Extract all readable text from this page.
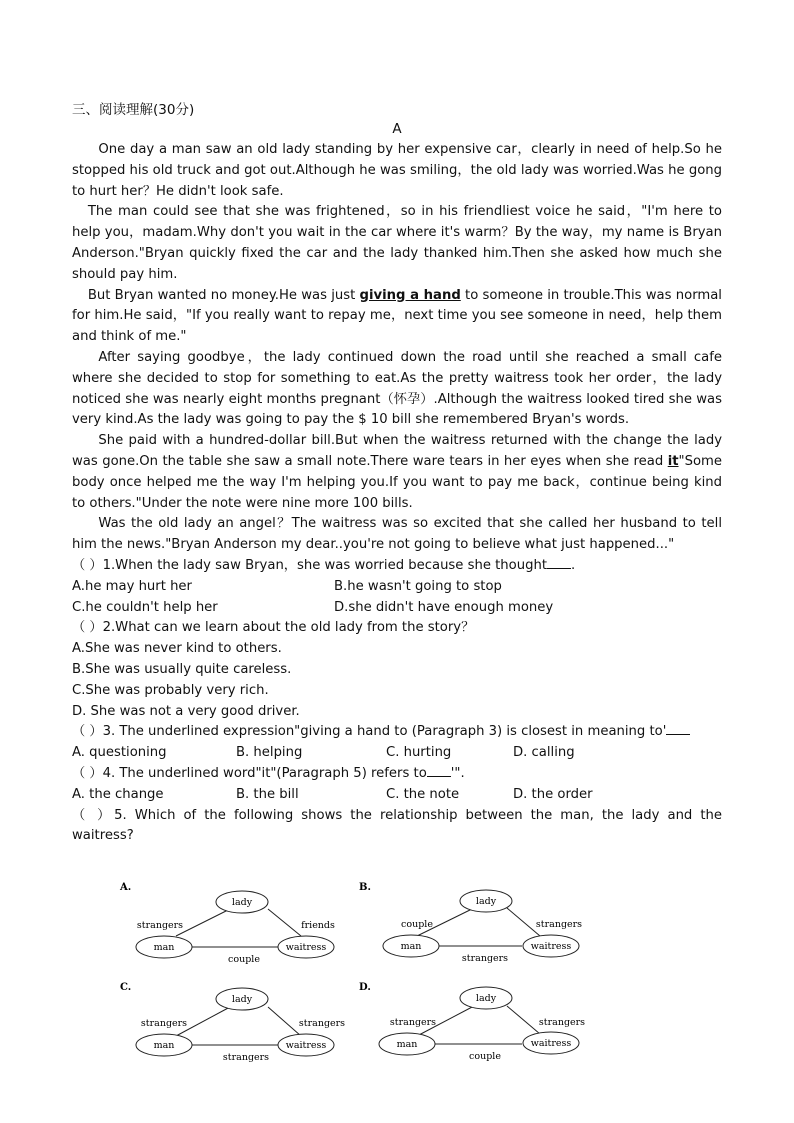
三、阅读理解(30分)
A

One day a man saw an old lady standing by her expensive car，clearly in need of help.So he stopped his old truck and got out.Although he was smiling，the old lady was worried.Was he gong to hurt her？He didn't look safe.

The man could see that she was frightened，so in his friendliest voice he said，"I'm here to help you，madam.Why don't you wait in the car where it's warm？By the way，my name is Bryan Anderson."Bryan quickly fixed the car and the lady thanked him.Then she asked how much she should pay him.

But Bryan wanted no money.He was just giving a hand to someone in trouble.This was normal for him.He said，"If you really want to repay me，next time you see someone in need，help them and think of me."

After saying goodbye，the lady continued down the road until she reached a small cafe where she decided to stop for something to eat.As the pretty waitress took her order，the lady noticed she was nearly eight months pregnant（怀孕）.Although the waitress looked tired she was very kind.As the lady was going to pay the $ 10 bill she remembered Bryan's words.

She paid with a hundred-dollar bill.But when the waitress returned with the change the lady was gone.On the table she saw a small note.There ware tears in her eyes when she read it"Some body once helped me the way I'm helping you.If you want to pay me back，continue being kind to others."Under the note were nine more 100 bills.

Was the old lady an angel？The waitress was so excited that she called her husband to tell him the news."Bryan Anderson my dear..you're not going to believe what just happened..."

（ ）1.When the lady saw Bryan，she was worried because she thought .

A.he may hurt her	B.he wasn't going to stop

C.he couldn't help her	D.she didn't have enough money

（ ）2.What can we learn about the old lady from the story？

A.She was never kind to others.

B.She was usually quite careless.

C.She was probably very rich.

D. She was not a very good driver.

（ ）3. The underlined expression"giving a hand to (Paragraph 3) is closest in meaning to'

A. questioning	B. helping	C. hurting	D. calling

（ ）4. The underlined word"it"(Paragraph 5) refers to '".

A. the change	B. the bill	C. the note	D. the order

（ ）5. Which of the following shows the relationship between the man, the lady and the waitress?

A.
lady
man	waitress
strangers	friends
couple
B.
lady
man	waitress
couple	strangers
strangers
C.
lady
man	waitress
strangers	strangers
strangers
D.
lady
man	waitress
strangers	strangers
couple
